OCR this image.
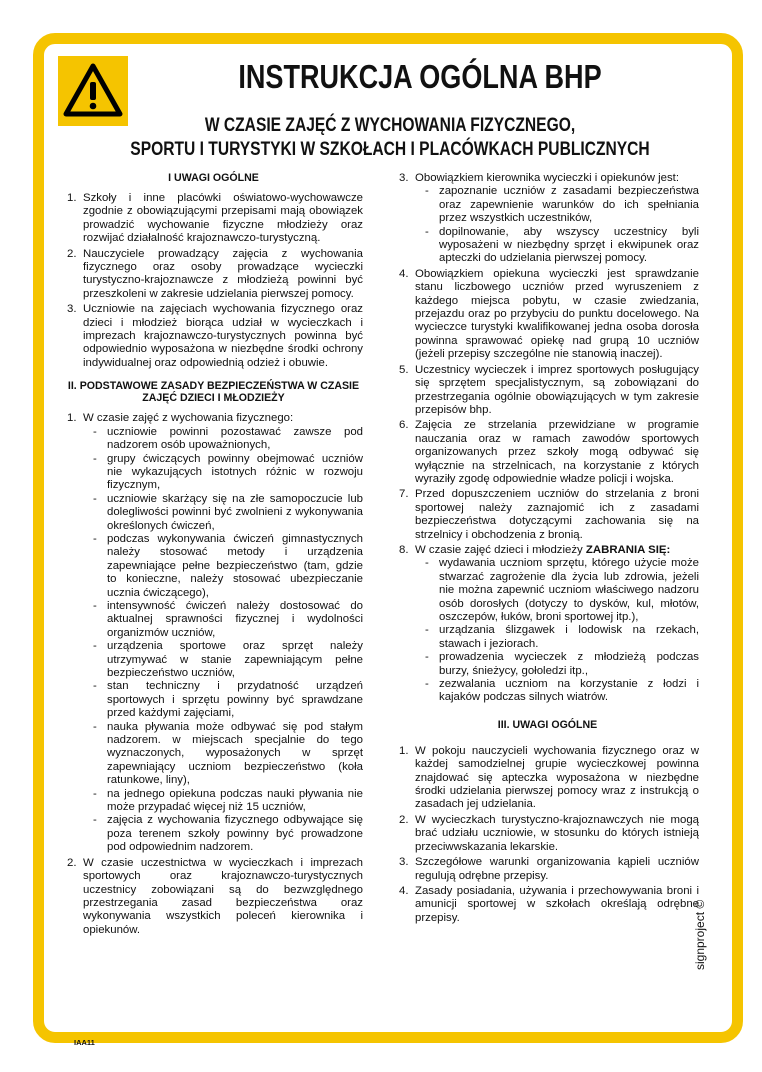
INSTRUKCJA OGÓLNA BHP
W CZASIE ZAJĘĆ Z WYCHOWANIA FIZYCZNEGO,
SPORTU I TURYSTYKI W SZKOŁACH I PLACÓWKACH PUBLICZNYCH
I UWAGI OGÓLNE
1. Szkoły i inne placówki oświatowo-wychowawcze zgodnie z obowiązującymi przepisami mają obowiązek prowadzić wychowanie fizyczne młodzieży oraz rozwijać działalność krajoznawczo-turystyczną.
2. Nauczyciele prowadzący zajęcia z wychowania fizycznego oraz osoby prowadzące wycieczki turystyczno-krajoznawcze z młodzieżą powinni być przeszkoleni w zakresie udzielania pierwszej pomocy.
3. Uczniowie na zajęciach wychowania fizycznego oraz dzieci i młodzież biorąca udział w wycieczkach i imprezach krajoznawczo-turystycznych powinna być odpowiednio wyposażona w niezbędne środki ochrony indywidualnej oraz odpowiednią odzież i obuwie.
II. PODSTAWOWE ZASADY BEZPIECZEŃSTWA W CZASIE
ZAJĘĆ DZIECI I MŁODZIEŻY
1. W czasie zajęć z wychowania fizycznego:
- uczniowie powinni pozostawać zawsze pod nadzorem osób upoważnionych,
- grupy ćwiczących powinny obejmować uczniów nie wykazujących istotnych różnic w rozwoju fizycznym,
- uczniowie skarżący się na złe samopoczucie lub dolegliwości powinni być zwolnieni z wykonywania określonych ćwiczeń,
- podczas wykonywania ćwiczeń gimnastycznych należy stosować metody i urządzenia zapewniające pełne bezpieczeństwo (tam, gdzie to konieczne, należy stosować ubezpieczanie ucznia ćwiczącego),
- intensywność ćwiczeń należy dostosować do aktualnej sprawności fizycznej i wydolności organizmów uczniów,
- urządzenia sportowe oraz sprzęt należy utrzymywać w stanie zapewniającym pełne bezpieczeństwo uczniów,
- stan techniczny i przydatność urządzeń sportowych i sprzętu powinny być sprawdzane przed każdymi zajęciami,
- nauka pływania może odbywać się pod stałym nadzorem. w miejscach specjalnie do tego wyznaczonych, wyposażonych w sprzęt zapewniający uczniom bezpieczeństwo (koła ratunkowe, liny),
- na jednego opiekuna podczas nauki pływania nie może przypadać więcej niż 15 uczniów,
- zajęcia z wychowania fizycznego odbywające się poza terenem szkoły powinny być prowadzone pod odpowiednim nadzorem.
2. W czasie uczestnictwa w wycieczkach i imprezach sportowych oraz krajoznawczo-turystycznych uczestnicy zobowiązani są do bezwzględnego przestrzegania zasad bezpieczeństwa oraz wykonywania wszystkich poleceń kierownika i opiekunów.
3. Obowiązkiem kierownika wycieczki i opiekunów jest:
- zapoznanie uczniów z zasadami bezpieczeństwa oraz zapewnienie warunków do ich spełniania przez wszystkich uczestników,
- dopilnowanie, aby wszyscy uczestnicy byli wyposażeni w niezbędny sprzęt i ekwipunek oraz apteczki do udzielania pierwszej pomocy.
4. Obowiązkiem opiekuna wycieczki jest sprawdzanie stanu liczbowego uczniów przed wyruszeniem z każdego miejsca pobytu, w czasie zwiedzania, przejazdu oraz po przybyciu do punktu docelowego. Na wycieczce turystyki kwalifikowanej jedna osoba dorosła powinna sprawować opiekę nad grupą 10 uczniów (jeżeli przepisy szczególne nie stanowią inaczej).
5. Uczestnicy wycieczek i imprez sportowych posługujący się sprzętem specjalistycznym, są zobowiązani do przestrzegania ogólnie obowiązujących w tym zakresie przepisów bhp.
6. Zajęcia ze strzelania przewidziane w programie nauczania oraz w ramach zawodów sportowych organizowanych przez szkoły mogą odbywać się wyłącznie na strzelnicach, na korzystanie z których wyraziły zgodę odpowiednie władze policji i wojska.
7. Przed dopuszczeniem uczniów do strzelania z broni sportowej należy zaznajomić ich z zasadami bezpieczeństwa dotyczącymi zachowania się na strzelnicy i obchodzenia z bronią.
8. W czasie zajęć dzieci i młodzieży ZABRANIA SIĘ:
- wydawania uczniom sprzętu, którego użycie może stwarzać zagrożenie dla życia lub zdrowia, jeżeli nie można zapewnić uczniom właściwego nadzoru osób dorosłych (dotyczy to dysków, kul, młotów, oszczepów, łuków, broni sportowej itp.),
- urządzania ślizgawek i lodowisk na rzekach, stawach i jeziorach.
- prowadzenia wycieczek z młodzieżą podczas burzy, śnieżycy, gołoledzi itp.,
- zezwalania uczniom na korzystanie z łodzi i kajaków podczas silnych wiatrów.
III. UWAGI OGÓLNE
1. W pokoju nauczycieli wychowania fizycznego oraz w każdej samodzielnej grupie wycieczkowej powinna znajdować się apteczka wyposażona w niezbędne środki udzielania pierwszej pomocy wraz z instrukcją o zasadach jej udzielania.
2. W wycieczkach turystyczno-krajoznawczych nie mogą brać udziału uczniowie, w stosunku do których istnieją przeciwwskazania lekarskie.
3. Szczegółowe warunki organizowania kąpieli uczniów regulują odrębne przepisy.
4. Zasady posiadania, używania i przechowywania broni i amunicji sportowej w szkołach określają odrębne przepisy.	signproject ©
IAA11
